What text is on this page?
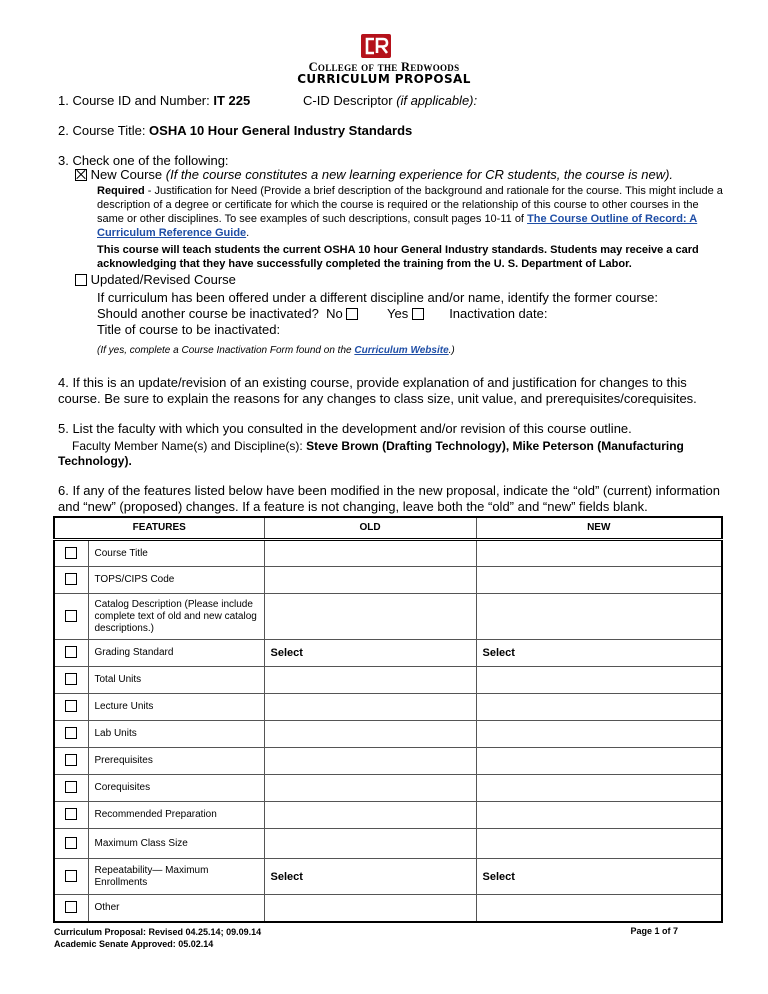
College of the Redwoods
CURRICULUM PROPOSAL
1. Course ID and Number: IT 225	C-ID Descriptor (if applicable):
2. Course Title: OSHA 10 Hour General Industry Standards
3. Check one of the following:
New Course (If the course constitutes a new learning experience for CR students, the course is new).
Required - Justification for Need (Provide a brief description of the background and rationale for the course. This might include a description of a degree or certificate for which the course is required or the relationship of this course to other courses in the same or other disciplines. To see examples of such descriptions, consult pages 10-11 of The Course Outline of Record: A Curriculum Reference Guide.
This course will teach students the current OSHA 10 hour General Industry standards. Students may receive a card acknowledging that they have successfully completed the training from the U. S. Department of Labor.
Updated/Revised Course
If curriculum has been offered under a different discipline and/or name, identify the former course:
Should another course be inactivated? No	Yes	Inactivation date:
Title of course to be inactivated:
(If yes, complete a Course Inactivation Form found on the Curriculum Website.)
4. If this is an update/revision of an existing course, provide explanation of and justification for changes to this course. Be sure to explain the reasons for any changes to class size, unit value, and prerequisites/corequisites.
5. List the faculty with which you consulted in the development and/or revision of this course outline.
Faculty Member Name(s) and Discipline(s): Steve Brown (Drafting Technology), Mike Peterson (Manufacturing Technology).
6. If any of the features listed below have been modified in the new proposal, indicate the “old” (current) information and “new” (proposed) changes. If a feature is not changing, leave both the “old” and “new” fields blank.
FEATURES		OLD	NEW
	Course Title		
	TOPS/CIPS Code		
	Catalog Description (Please include complete text of old and new catalog descriptions.)		
	Grading Standard	Select	Select
	Total Units		
	Lecture Units		
	Lab Units		
	Prerequisites		
	Corequisites		
	Recommended Preparation		
	Maximum Class Size		
	Repeatability— Maximum Enrollments	Select	Select
	Other		
Curriculum Proposal: Revised 04.25.14; 09.09.14
Academic Senate Approved: 05.02.14
Page 1 of 7
